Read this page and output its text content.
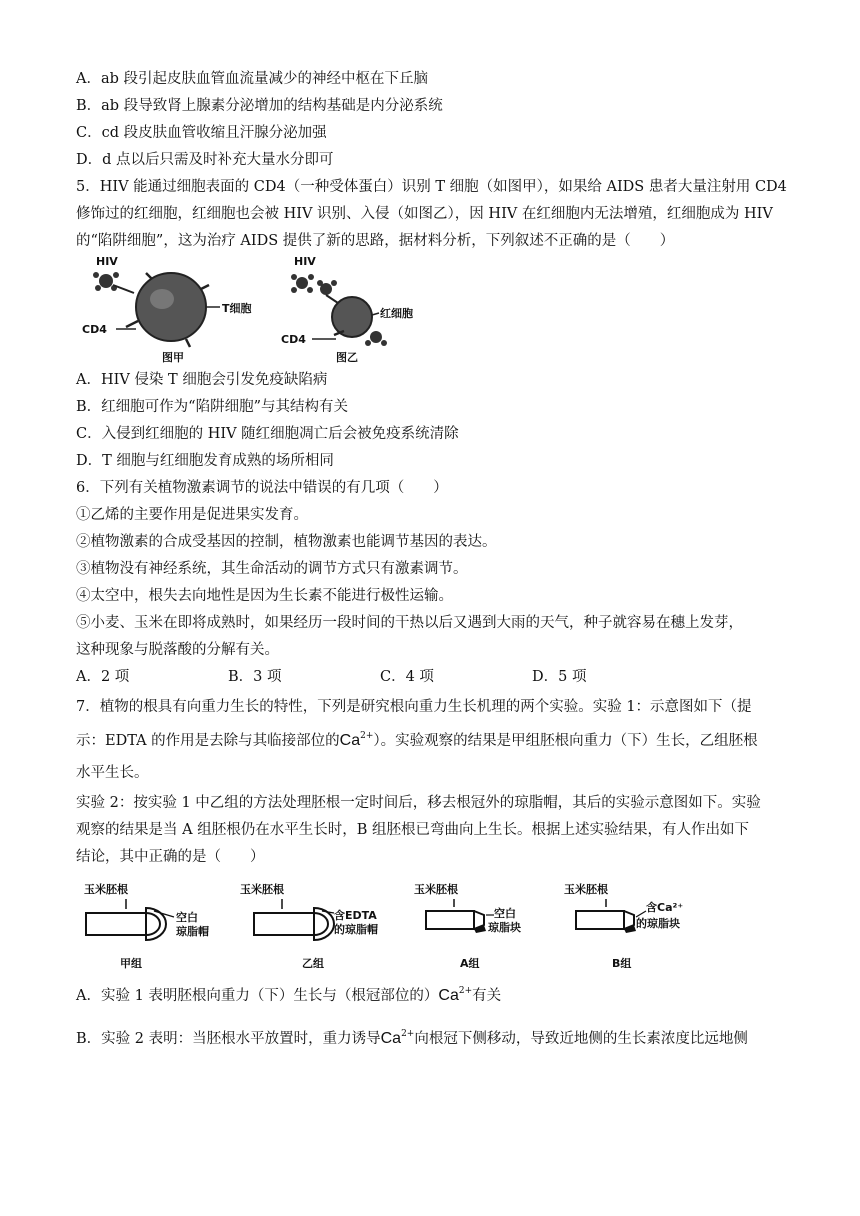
A．ab 段引起皮肤血管血流量减少的神经中枢在下丘脑
B．ab 段导致肾上腺素分泌增加的结构基础是内分泌系统
C．cd 段皮肤血管收缩且汗腺分泌加强
D．d 点以后只需及时补充大量水分即可
5．HIV 能通过细胞表面的 CD4（一种受体蛋白）识别 T 细胞（如图甲），如果给 AIDS 患者大量注射用 CD4
修饰过的红细胞，红细胞也会被 HIV 识别、入侵（如图乙），因 HIV 在红细胞内无法增殖，红细胞成为 HIV
的“陷阱细胞”，这为治疗 AIDS 提供了新的思路，据材料分析，下列叙述不正确的是（　　）
HIV
CD4
T细胞
图甲
HIV
CD4
红细胞
图乙
A．HIV 侵染 T 细胞会引发免疫缺陷病
B．红细胞可作为“陷阱细胞”与其结构有关
C．入侵到红细胞的 HIV 随红细胞凋亡后会被免疫系统清除
D．T 细胞与红细胞发育成熟的场所相同
6．下列有关植物激素调节的说法中错误的有几项（　　）
①乙烯的主要作用是促进果实发育。
②植物激素的合成受基因的控制，植物激素也能调节基因的表达。
③植物没有神经系统，其生命活动的调节方式只有激素调节。
④太空中，根失去向地性是因为生长素不能进行极性运输。
⑤小麦、玉米在即将成熟时，如果经历一段时间的干热以后又遇到大雨的天气，种子就容易在穗上发芽，
这种现象与脱落酸的分解有关。
A．2 项	B．3 项	C．4 项	D．5 项
7．植物的根具有向重力生长的特性，下列是研究根向重力生长机理的两个实验。实验 1：示意图如下（提
示：EDTA 的作用是去除与其临接部位的$Ca^{2+}$）。实验观察的结果是甲组胚根向重力（下）生长，乙组胚根
水平生长。
实验 2：按实验 1 中乙组的方法处理胚根一定时间后，移去根冠外的琼脂帽，其后的实验示意图如下。实验
观察的结果是当 A 组胚根仍在水平生长时，B 组胚根已弯曲向上生长。根据上述实验结果，有人作出如下
结论，其中正确的是（　　）
玉米胚根
空白
琼脂帽
甲组
玉米胚根
含EDTA
的琼脂帽
乙组
玉米胚根
空白
琼脂块
A组
玉米胚根
含Ca²⁺
的琼脂块
B组
A．实验 1 表明胚根向重力（下）生长与（根冠部位的）$Ca^{2+}$有关
B．实验 2 表明：当胚根水平放置时，重力诱导$Ca^{2+}$向根冠下侧移动，导致近地侧的生长素浓度比远地侧
